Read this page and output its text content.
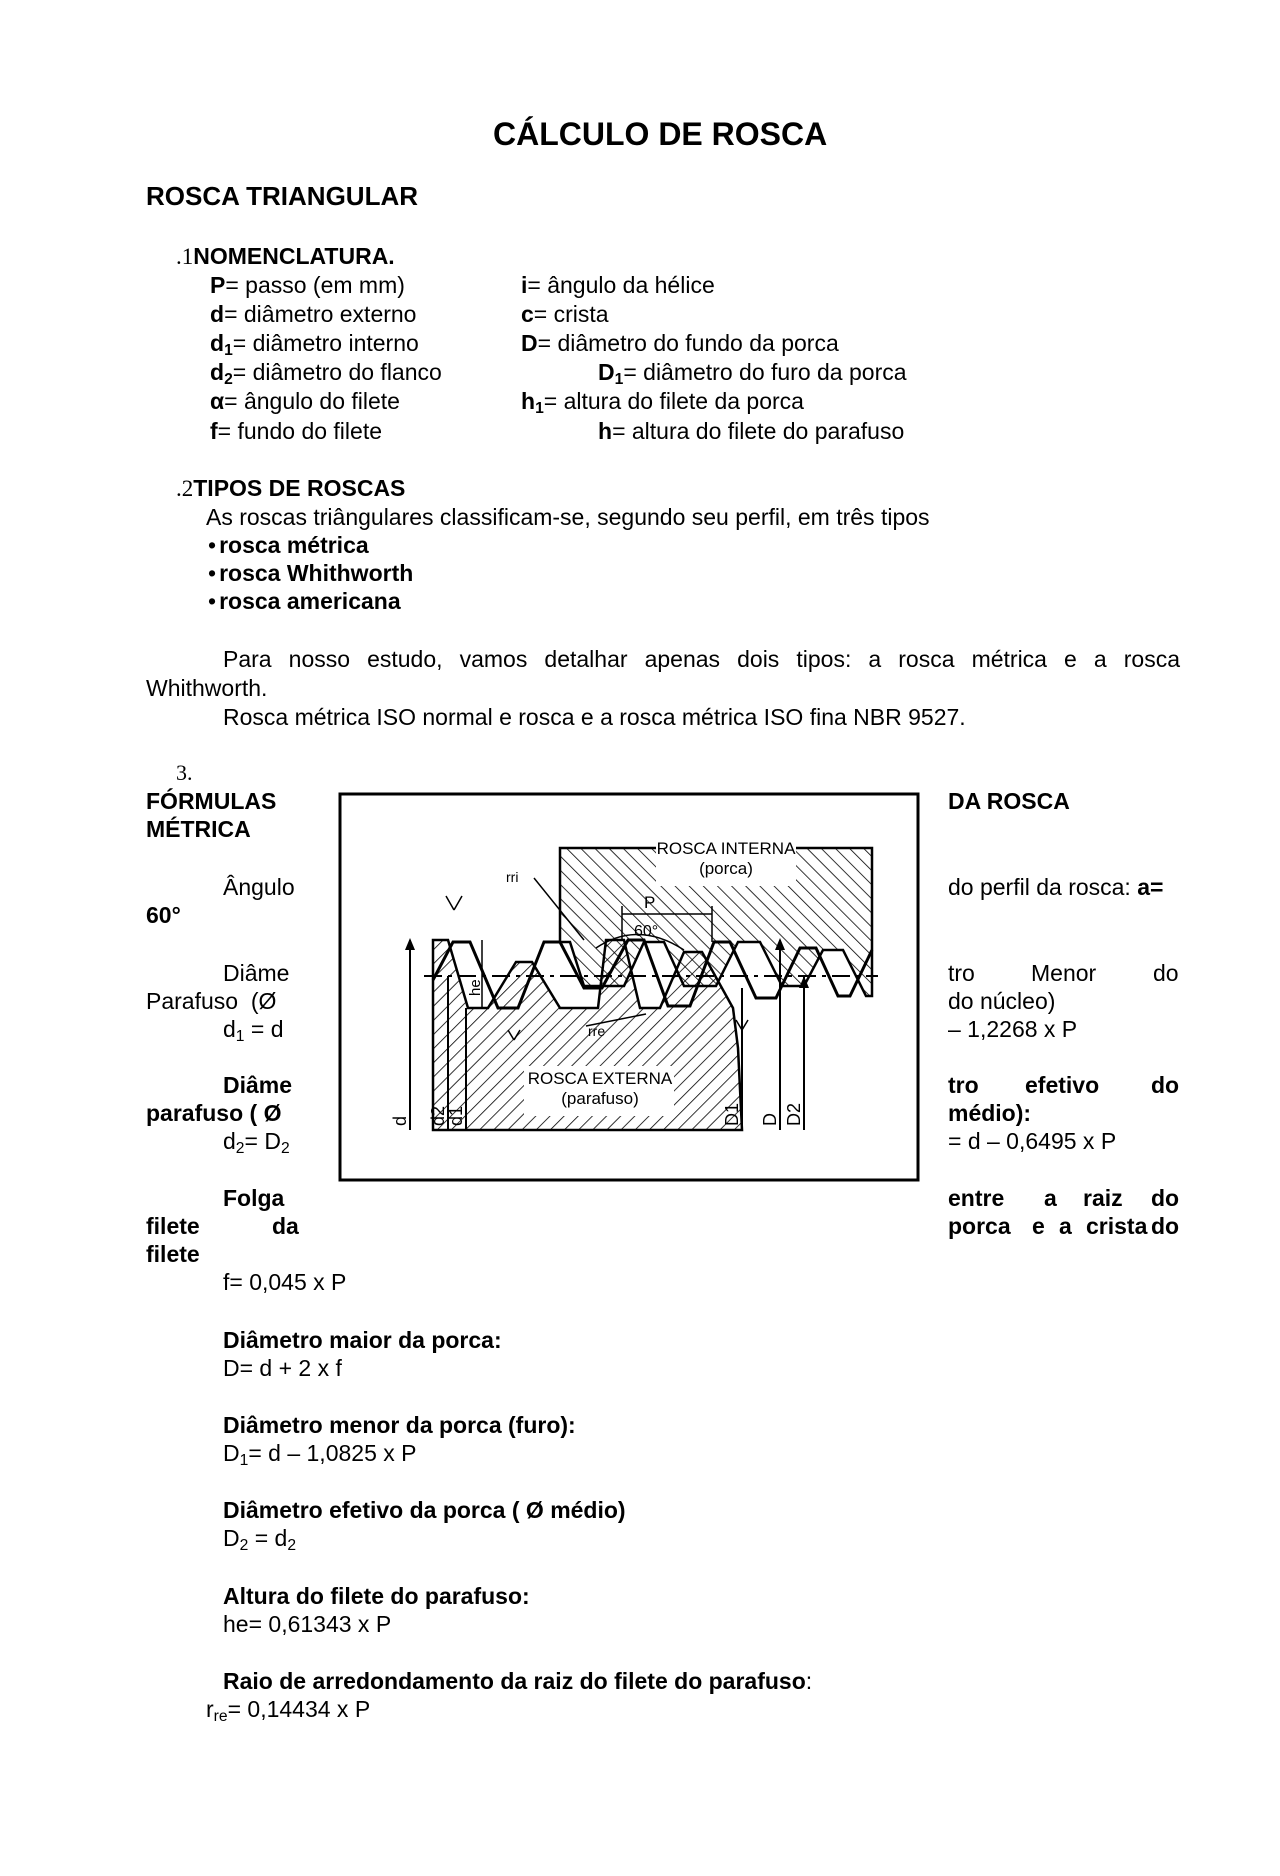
CÁLCULO DE ROSCA
ROSCA TRIANGULAR
.1NOMENCLATURA.
P= passo (em mm)
d= diâmetro externo
$d_1=$ diâmetro interno
$d_2=$ diâmetro do flanco
α= ângulo do filete
f= fundo do filete
i= ângulo da hélice
c= crista
D= diâmetro do fundo da porca
$D_1=$ diâmetro do furo da porca
$h_1=$ altura do filete da porca
h= altura do filete do parafuso
.2TIPOS DE ROSCAS
As roscas triângulares classificam-se, segundo seu perfil, em três tipos
• rosca métrica
• rosca Whithworth
• rosca americana
Para nosso estudo, vamos detalhar apenas dois tipos: a rosca métrica e a rosca
Whithworth.
Rosca métrica ISO normal e rosca e a rosca métrica ISO fina NBR 9527.
3.
FÓRMULAS
MÉTRICA
DA ROSCA
Ângulo
60°
do perfil da rosca: a=
Diâme
Parafuso (Ø
$d_1 = d$
tro Menor do
do núcleo)
– 1,2268 x P
Diâme
parafuso ( Ø
$d_2= D_2$
tro efetivo do
médio):
= d – 0,6495 x P
Folga
filete	da
filete
entre a raiz do
porca e a crista do
f= 0,045 x P
Diâmetro maior da porca:
D= d + 2 x f
Diâmetro menor da porca (furo):
$D_1= d - 1,0825$ x P
Diâmetro efetivo da porca ( Ø médio)
$D_2 = d_2$
Altura do filete do parafuso:
he= 0,61343 x P
Raio de arredondamento da raiz do filete do parafuso:
$r_{re}= 0,14434$ x P
ROSCA INTERNA
(porca)
ROSCA EXTERNA
(parafuso)
P
60°
rri
rre
he
d d2
d1	D1 D D2
